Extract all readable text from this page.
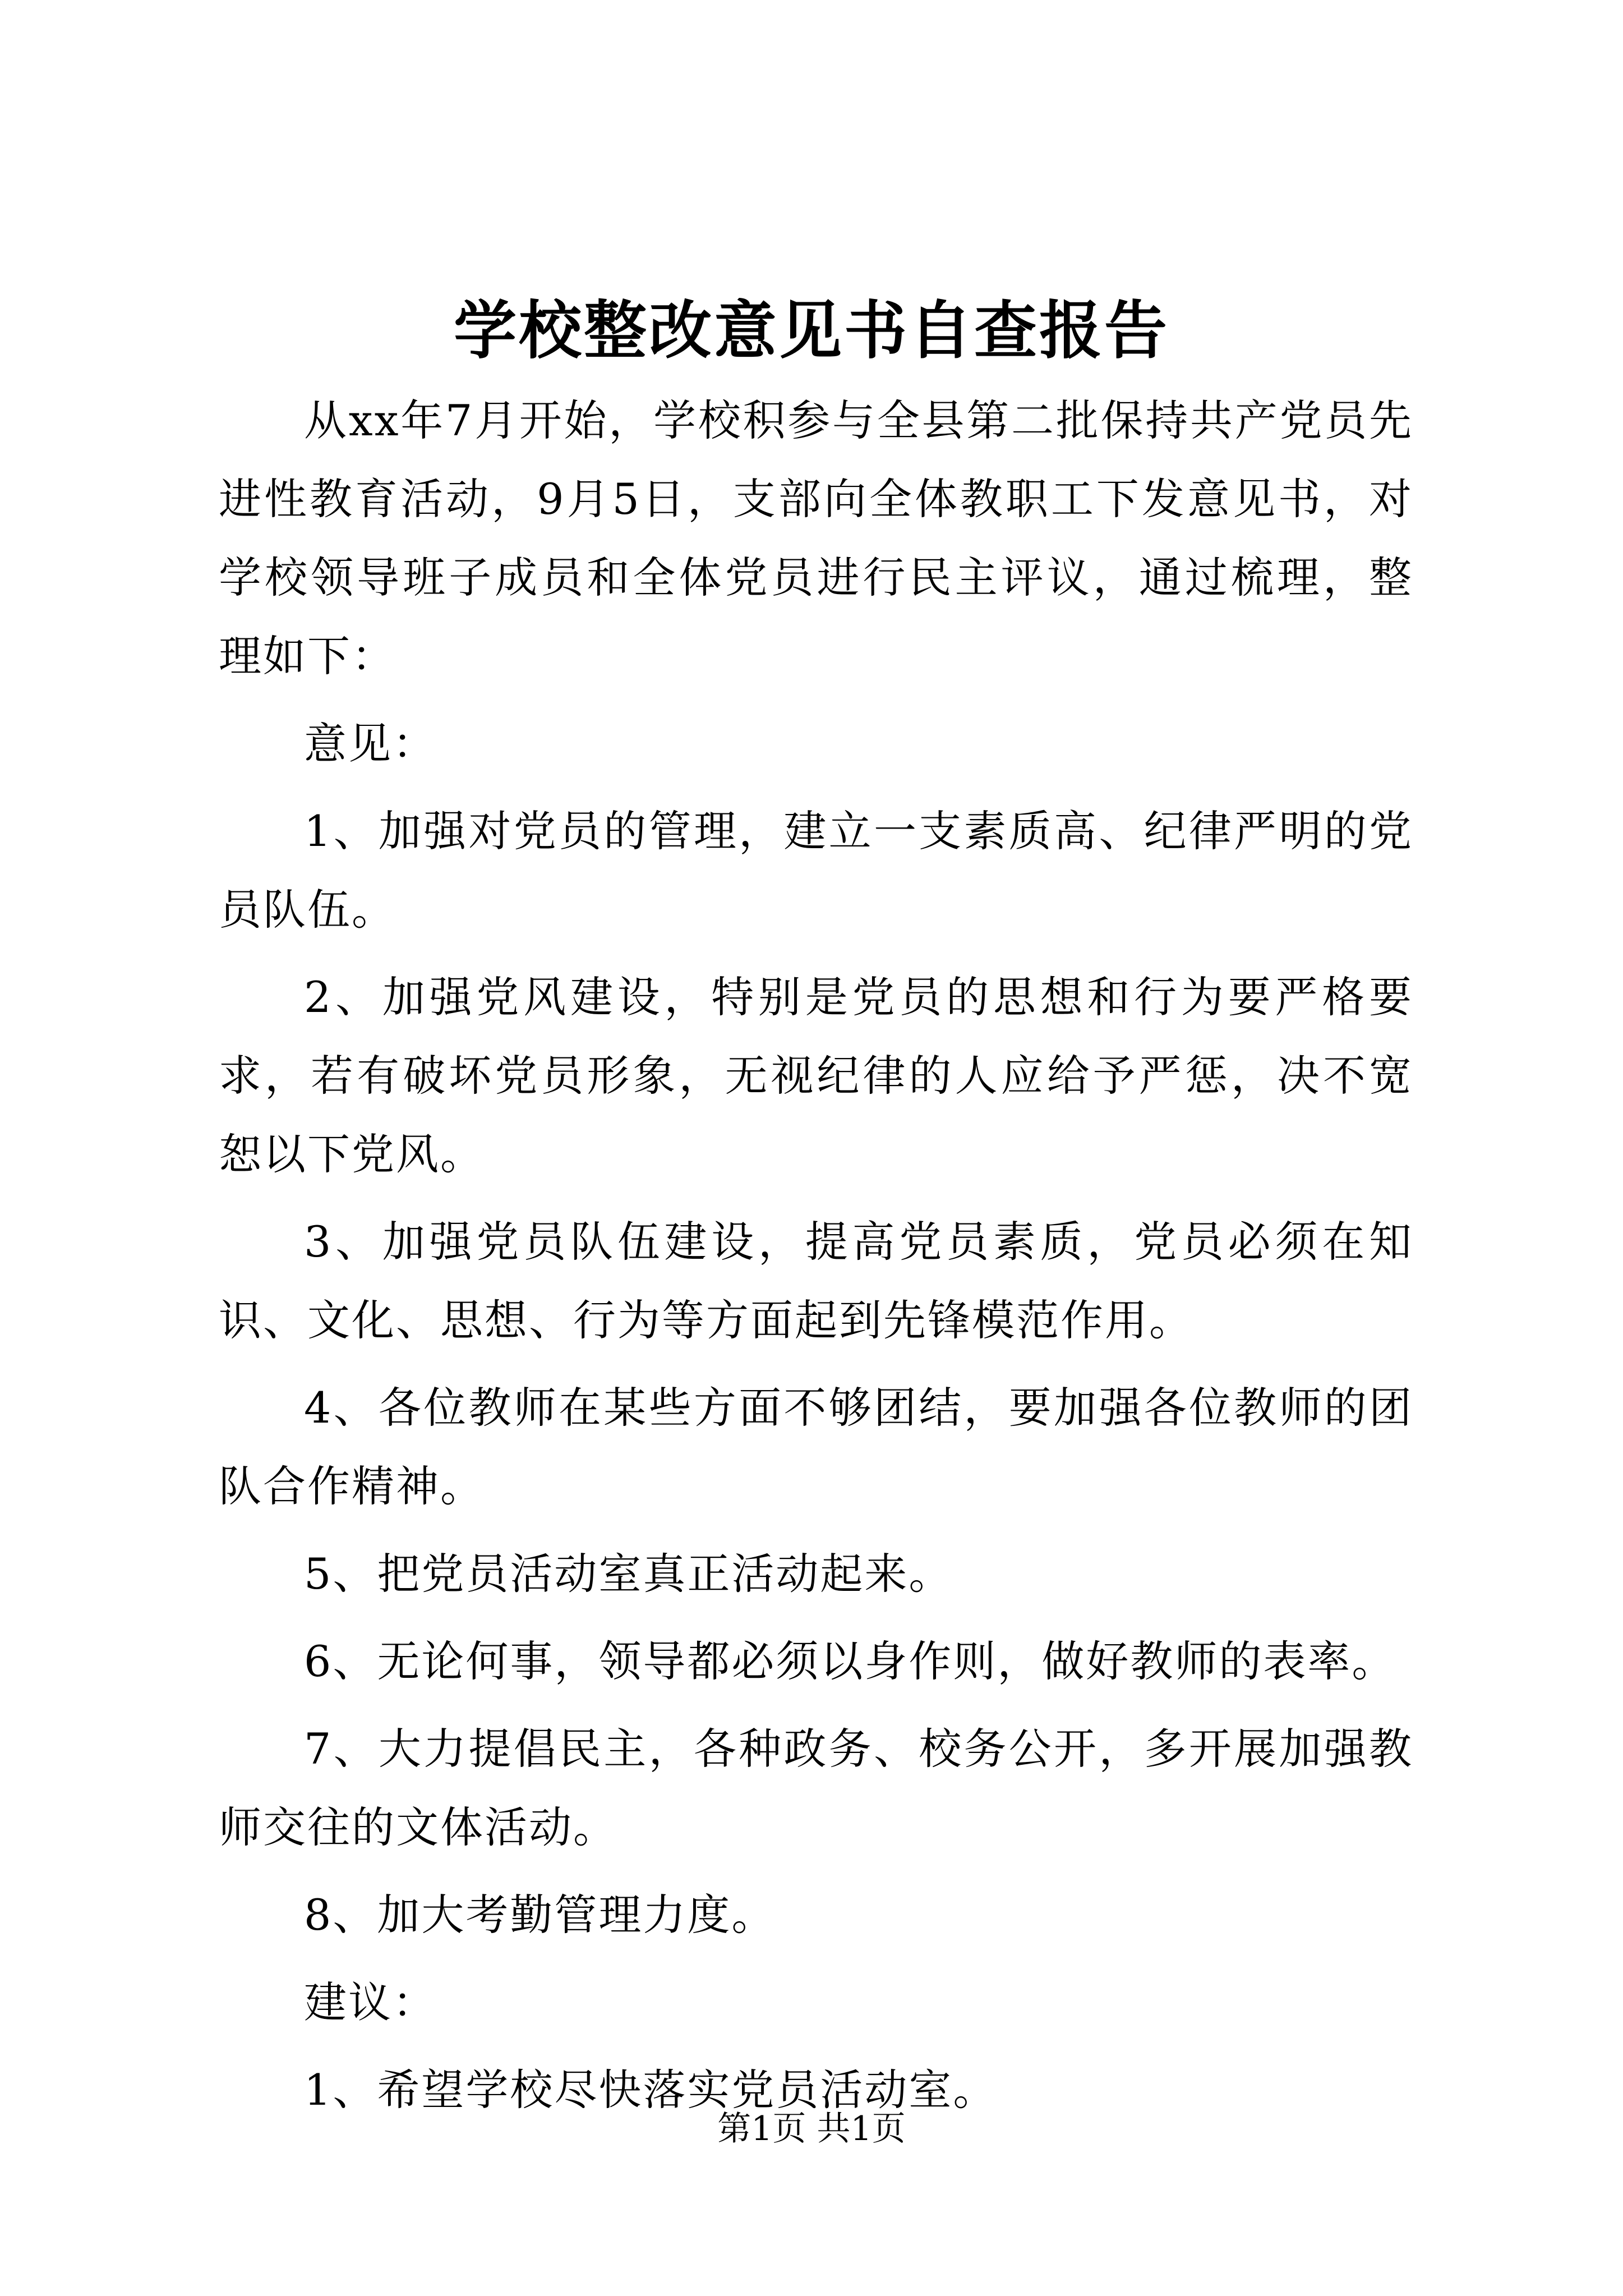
学校整改意见书自查报告

从xx年7月开始，学校积参与全县第二批保持共产党员先进性教育活动，9月5日，支部向全体教职工下发意见书，对学校领导班子成员和全体党员进行民主评议，通过梳理，整理如下：

意见：

1、加强对党员的管理，建立一支素质高、纪律严明的党员队伍。

2、加强党风建设，特别是党员的思想和行为要严格要求，若有破坏党员形象，无视纪律的人应给予严惩，决不宽恕以下党风。

3、加强党员队伍建设，提高党员素质，党员必须在知识、文化、思想、行为等方面起到先锋模范作用。

4、各位教师在某些方面不够团结，要加强各位教师的团队合作精神。

5、把党员活动室真正活动起来。

6、无论何事，领导都必须以身作则，做好教师的表率。

7、大力提倡民主，各种政务、校务公开，多开展加强教师交往的文体活动。

8、加大考勤管理力度。

建议：

1、希望学校尽快落实党员活动室。

第1页 共1页
